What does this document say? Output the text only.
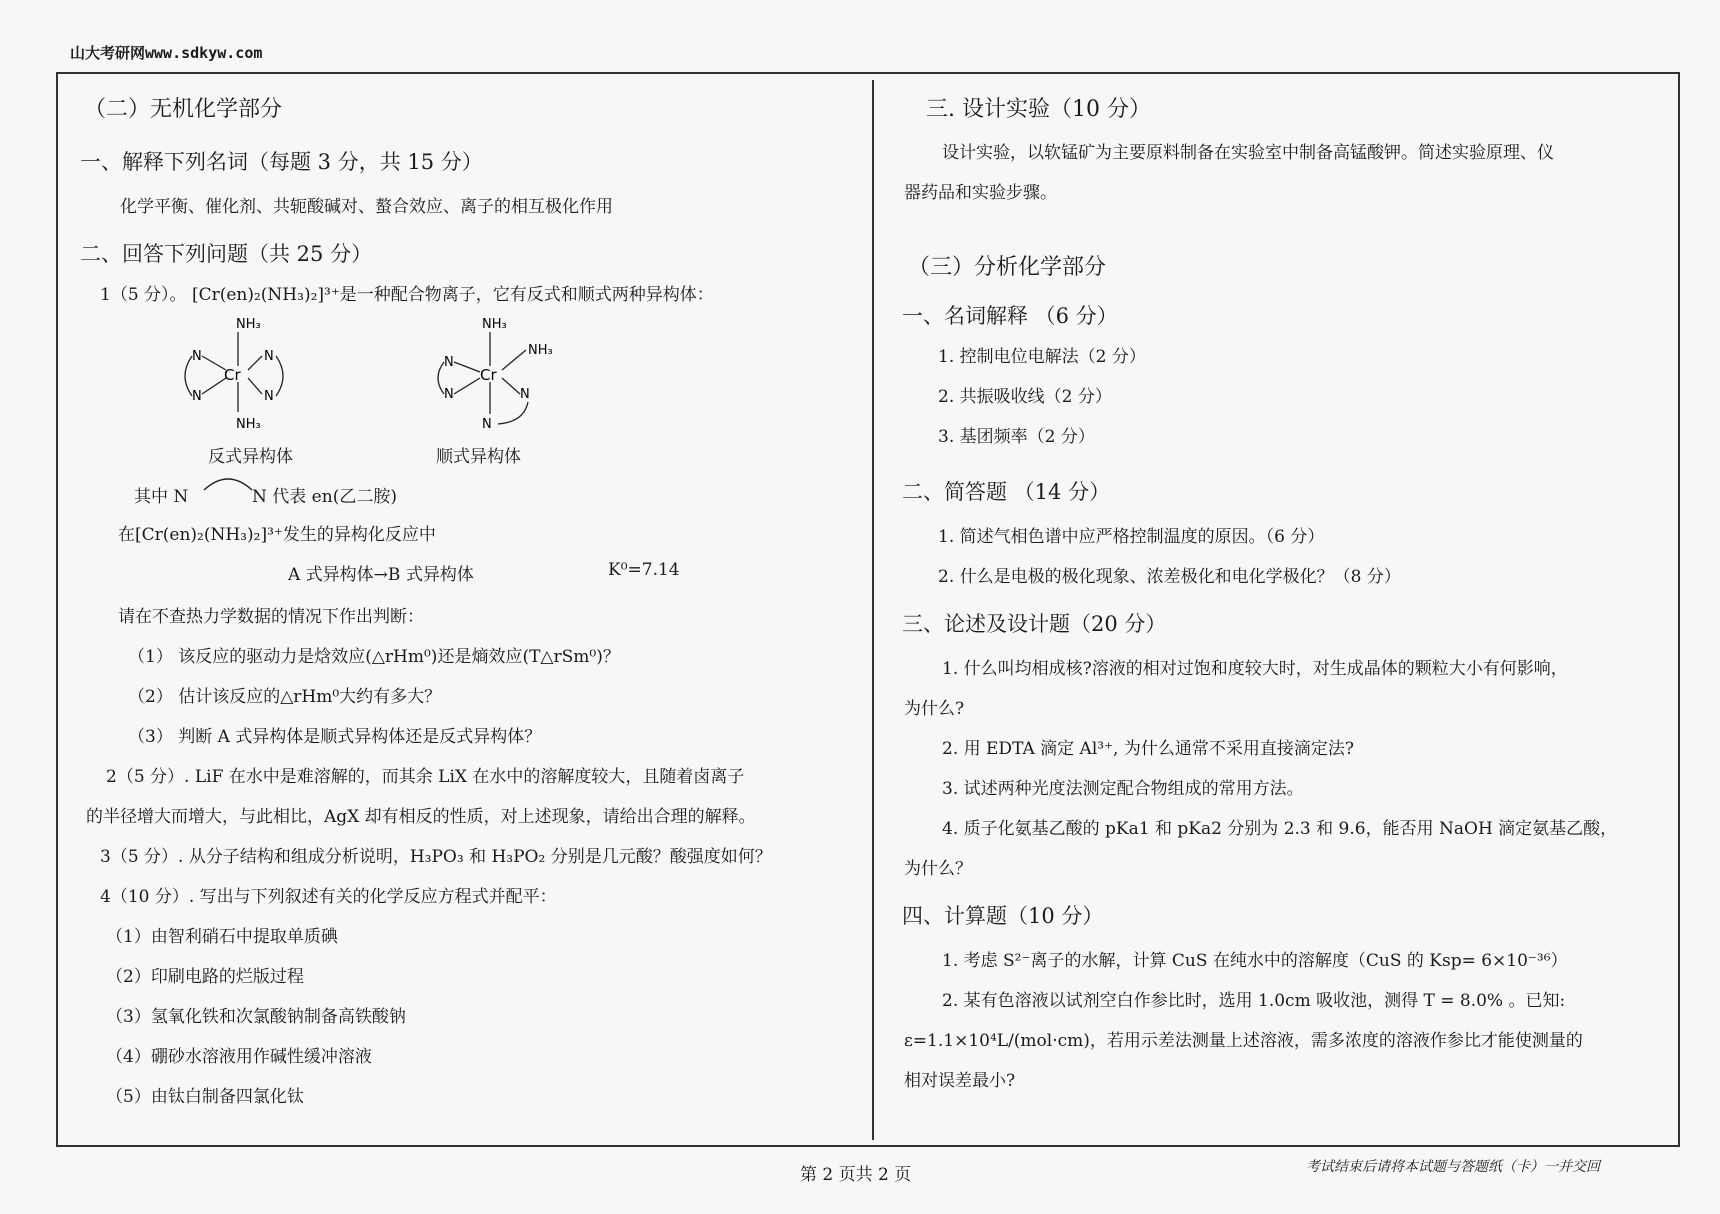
山大考研网www.sdkyw.com
（二）无机化学部分
一、解释下列名词（每题 3 分，共 15 分）
化学平衡、催化剂、共轭酸碱对、螯合效应、离子的相互极化作用
二、回答下列问题（共 25 分）
1（5 分）。 [Cr(en)₂(NH₃)₂]³⁺是一种配合物离子，它有反式和顺式两种异构体：
NH₃
Cr
N
N
N
N
NH₃
NH₃
NH₃
Cr
N
N	N
N
反式异构体	顺式异构体
其中 N	N 代表 en(乙二胺)
在[Cr(en)₂(NH₃)₂]³⁺发生的异构化反应中
A 式异构体→B 式异构体	K⁰=7.14
请在不查热力学数据的情况下作出判断：
（1） 该反应的驱动力是焓效应(△rHm⁰)还是熵效应(T△rSm⁰)？
（2） 估计该反应的△rHm⁰大约有多大？
（3） 判断 A 式异构体是顺式异构体还是反式异构体？
2（5 分）. LiF 在水中是难溶解的，而其余 LiX 在水中的溶解度较大，且随着卤离子
的半径增大而增大，与此相比，AgX 却有相反的性质，对上述现象，请给出合理的解释。
3（5 分）. 从分子结构和组成分析说明，H₃PO₃ 和 H₃PO₂ 分别是几元酸？酸强度如何？
4（10 分）. 写出与下列叙述有关的化学反应方程式并配平：
（1）由智利硝石中提取单质碘
（2）印刷电路的烂版过程
（3）氢氧化铁和次氯酸钠制备高铁酸钠
（4）硼砂水溶液用作碱性缓冲溶液
（5）由钛白制备四氯化钛
三. 设计实验（10 分）
设计实验，以软锰矿为主要原料制备在实验室中制备高锰酸钾。简述实验原理、仪
器药品和实验步骤。
（三）分析化学部分
一、名词解释 （6 分）
1. 控制电位电解法（2 分）
2. 共振吸收线（2 分）
3. 基团频率（2 分）
二、简答题 （14 分）
1. 简述气相色谱中应严格控制温度的原因。（6 分）
2. 什么是电极的极化现象、浓差极化和电化学极化？（8 分）
三、论述及设计题（20 分）
1. 什么叫均相成核?溶液的相对过饱和度较大时，对生成晶体的颗粒大小有何影响，
为什么?
2. 用 EDTA 滴定 Al³⁺, 为什么通常不采用直接滴定法?
3. 试述两种光度法测定配合物组成的常用方法。
4. 质子化氨基乙酸的 pKa1 和 pKa2 分别为 2.3 和 9.6，能否用 NaOH 滴定氨基乙酸，
为什么？
四、计算题（10 分）
1. 考虑 S²⁻离子的水解，计算 CuS 在纯水中的溶解度（CuS 的 Ksp= 6×10⁻³⁶）
2. 某有色溶液以试剂空白作参比时，选用 1.0cm 吸收池，测得 T = 8.0% 。已知:
ε=1.1×10⁴L/(mol·cm)，若用示差法测量上述溶液，需多浓度的溶液作参比才能使测量的
相对误差最小?
第 2 页共 2 页	考试结束后请将本试题与答题纸（卡）一并交回
